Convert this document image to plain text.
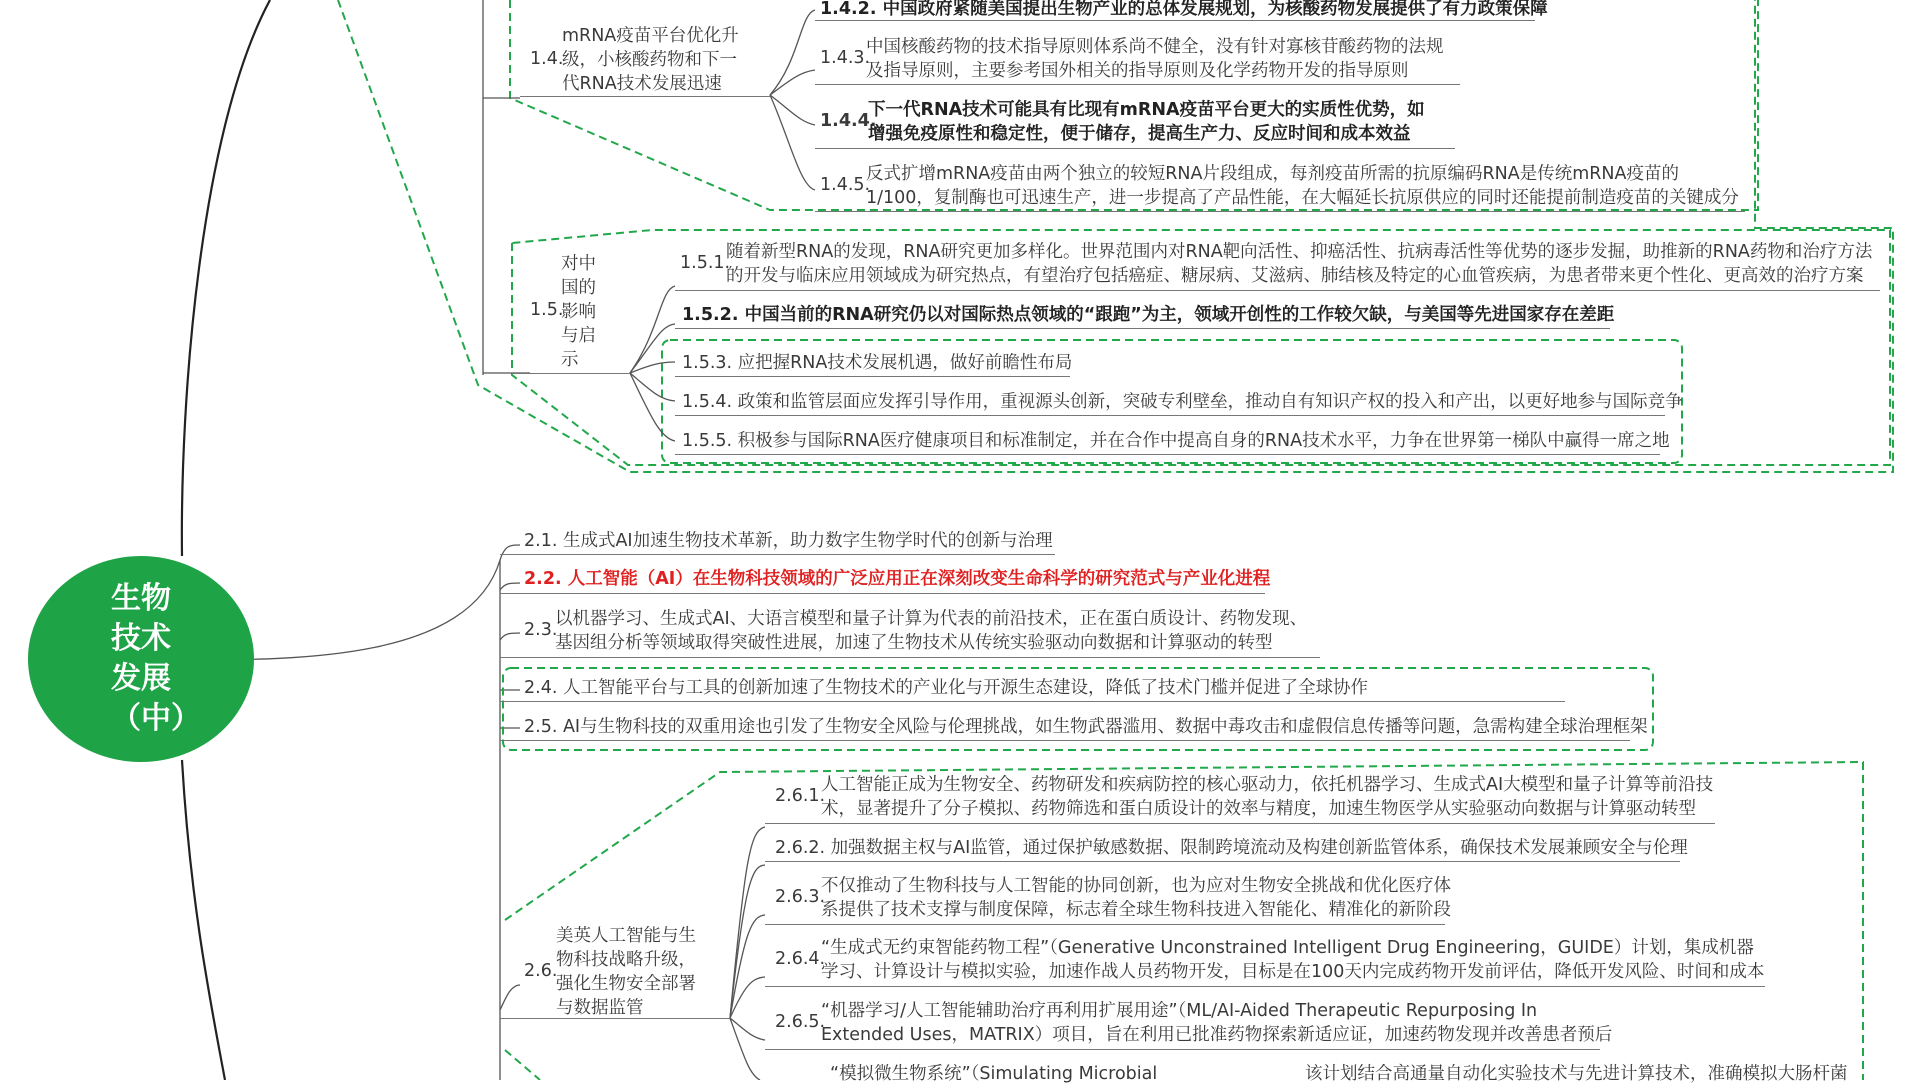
生物技术发展（中）
1.4.
mRNA疫苗平台优化升级，小核酸药物和下一代RNA技术发展迅速
1.4.2. 中国政府紧随美国提出生物产业的总体发展规划，为核酸药物发展提供了有力政策保障
1.4.3.
中国核酸药物的技术指导原则体系尚不健全，没有针对寡核苷酸药物的法规
及指导原则，主要参考国外相关的指导原则及化学药物开发的指导原则
1.4.4.
下一代RNA技术可能具有比现有mRNA疫苗平台更大的实质性优势，如
增强免疫原性和稳定性，便于储存，提高生产力、反应时间和成本效益
1.4.5.
反式扩增mRNA疫苗由两个独立的较短RNA片段组成，每剂疫苗所需的抗原编码RNA是传统mRNA疫苗的
1/100，复制酶也可迅速生产，进一步提高了产品性能，在大幅延长抗原供应的同时还能提前制造疫苗的关键成分
1.5.
对中国的影响与启示
1.5.1.
随着新型RNA的发现，RNA研究更加多样化。世界范围内对RNA靶向活性、抑癌活性、抗病毒活性等优势的逐步发掘，助推新的RNA药物和治疗方法
的开发与临床应用领域成为研究热点，有望治疗包括癌症、糖尿病、艾滋病、肺结核及特定的心血管疾病，为患者带来更个性化、更高效的治疗方案
1.5.2. 中国当前的RNA研究仍以对国际热点领域的“跟跑”为主，领域开创性的工作较欠缺，与美国等先进国家存在差距
1.5.3. 应把握RNA技术发展机遇，做好前瞻性布局
1.5.4. 政策和监管层面应发挥引导作用，重视源头创新，突破专利壁垒，推动自有知识产权的投入和产出，以更好地参与国际竞争
1.5.5. 积极参与国际RNA医疗健康项目和标准制定，并在合作中提高自身的RNA技术水平，力争在世界第一梯队中赢得一席之地
2.1. 生成式AI加速生物技术革新，助力数字生物学时代的创新与治理
2.2. 人工智能（AI）在生物科技领域的广泛应用正在深刻改变生命科学的研究范式与产业化进程
2.3.
以机器学习、生成式AI、大语言模型和量子计算为代表的前沿技术，正在蛋白质设计、药物发现、
基因组分析等领域取得突破性进展，加速了生物技术从传统实验驱动向数据和计算驱动的转型
2.4. 人工智能平台与工具的创新加速了生物技术的产业化与开源生态建设，降低了技术门槛并促进了全球协作
2.5. AI与生物科技的双重用途也引发了生物安全风险与伦理挑战，如生物武器滥用、数据中毒攻击和虚假信息传播等问题，急需构建全球治理框架
2.6.
美英人工智能与生物科技战略升级，强化生物安全部署与数据监管
2.6.1.
人工智能正成为生物安全、药物研发和疾病防控的核心驱动力，依托机器学习、生成式AI大模型和量子计算等前沿技
术，显著提升了分子模拟、药物筛选和蛋白质设计的效率与精度，加速生物医学从实验驱动向数据与计算驱动转型
2.6.2. 加强数据主权与AI监管，通过保护敏感数据、限制跨境流动及构建创新监管体系，确保技术发展兼顾安全与伦理
2.6.3.
不仅推动了生物科技与人工智能的协同创新，也为应对生物安全挑战和优化医疗体
系提供了技术支撑与制度保障，标志着全球生物科技进入智能化、精准化的新阶段
2.6.4.
“生成式无约束智能药物工程”（Generative Unconstrained Intelligent Drug Engineering，GUIDE）计划，集成机器
学习、计算设计与模拟实验，加速作战人员药物开发，目标是在100天内完成药物开发前评估，降低开发风险、时间和成本
2.6.5.
“机器学习/人工智能辅助治疗再利用扩展用途”（ML/AI-Aided Therapeutic Repurposing In
Extended Uses，MATRIX）项目，旨在利用已批准药物探索新适应证，加速药物发现并改善患者预后
“模拟微生物系统”（Simulating Microbial	该计划结合高通量自动化实验技术与先进计算技术，准确模拟大肠杆菌
